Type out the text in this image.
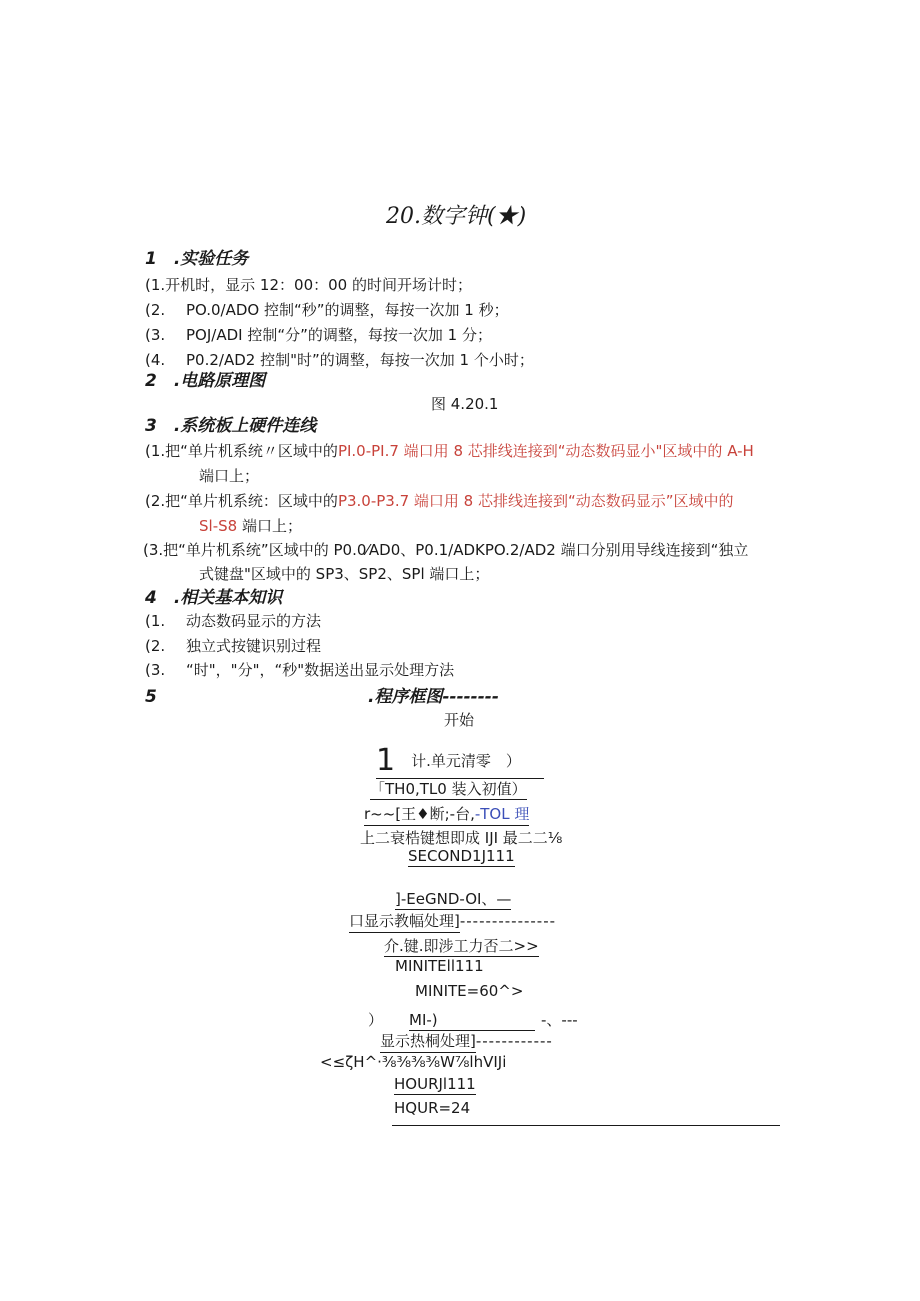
20.数字钟(★)
1　.实验任务
(1.开机时，显示 12：00：00 的时间开场计时；
(2. PO.0/ADO 控制“秒”的调整，每按一次加 1 秒；
(3. POJ/ADI 控制“分”的调整，每按一次加 1 分；
(4. P0.2/AD2 控制"时”的调整，每按一次加 1 个小时；
2　.电路原理图
图 4.20.1
3　.系统板上硬件连线
(1.把“单片机系统〃区域中的PI.0-PI.7 端口用 8 芯排线连接到“动态数码显小"区域中的 A-H
端口上；
(2.把“单片机系统：区域中的P3.0-P3.7 端口用 8 芯排线连接到“动态数码显示”区域中的
Sl-S8 端口上；
(3.把“单片机系统”区域中的 P0.0⁄AD0、P0.1/ADKPO.2/AD2 端口分别用导线连接到“独立
式键盘"区域中的 SP3、SP2、SPl 端口上；
4　.相关基本知识
(1. 动态数码显示的方法
(2. 独立式按键识别过程
(3. “时"，"分"，“秒"数据送出显示处理方法
5	.程序框图--------
开始
1 计.单元清零　）
「TH0,TL0 装入初值）
r~~[王♦断;-台,-TOL 理
上二衰梏键想即成 IJI 最二二⅛
SECOND1J111
]-EeGND-OI、—
口显示教幅处理]---------------
介.键.即涉工力否二>>
MINITEll111
MINITE=60^>
） MI-)	-、---
显示热桐处理]------------
<≤ζH^·⅜⅜⅜⅜W⅞lhVIJi
HOURJl111
HQUR=24
